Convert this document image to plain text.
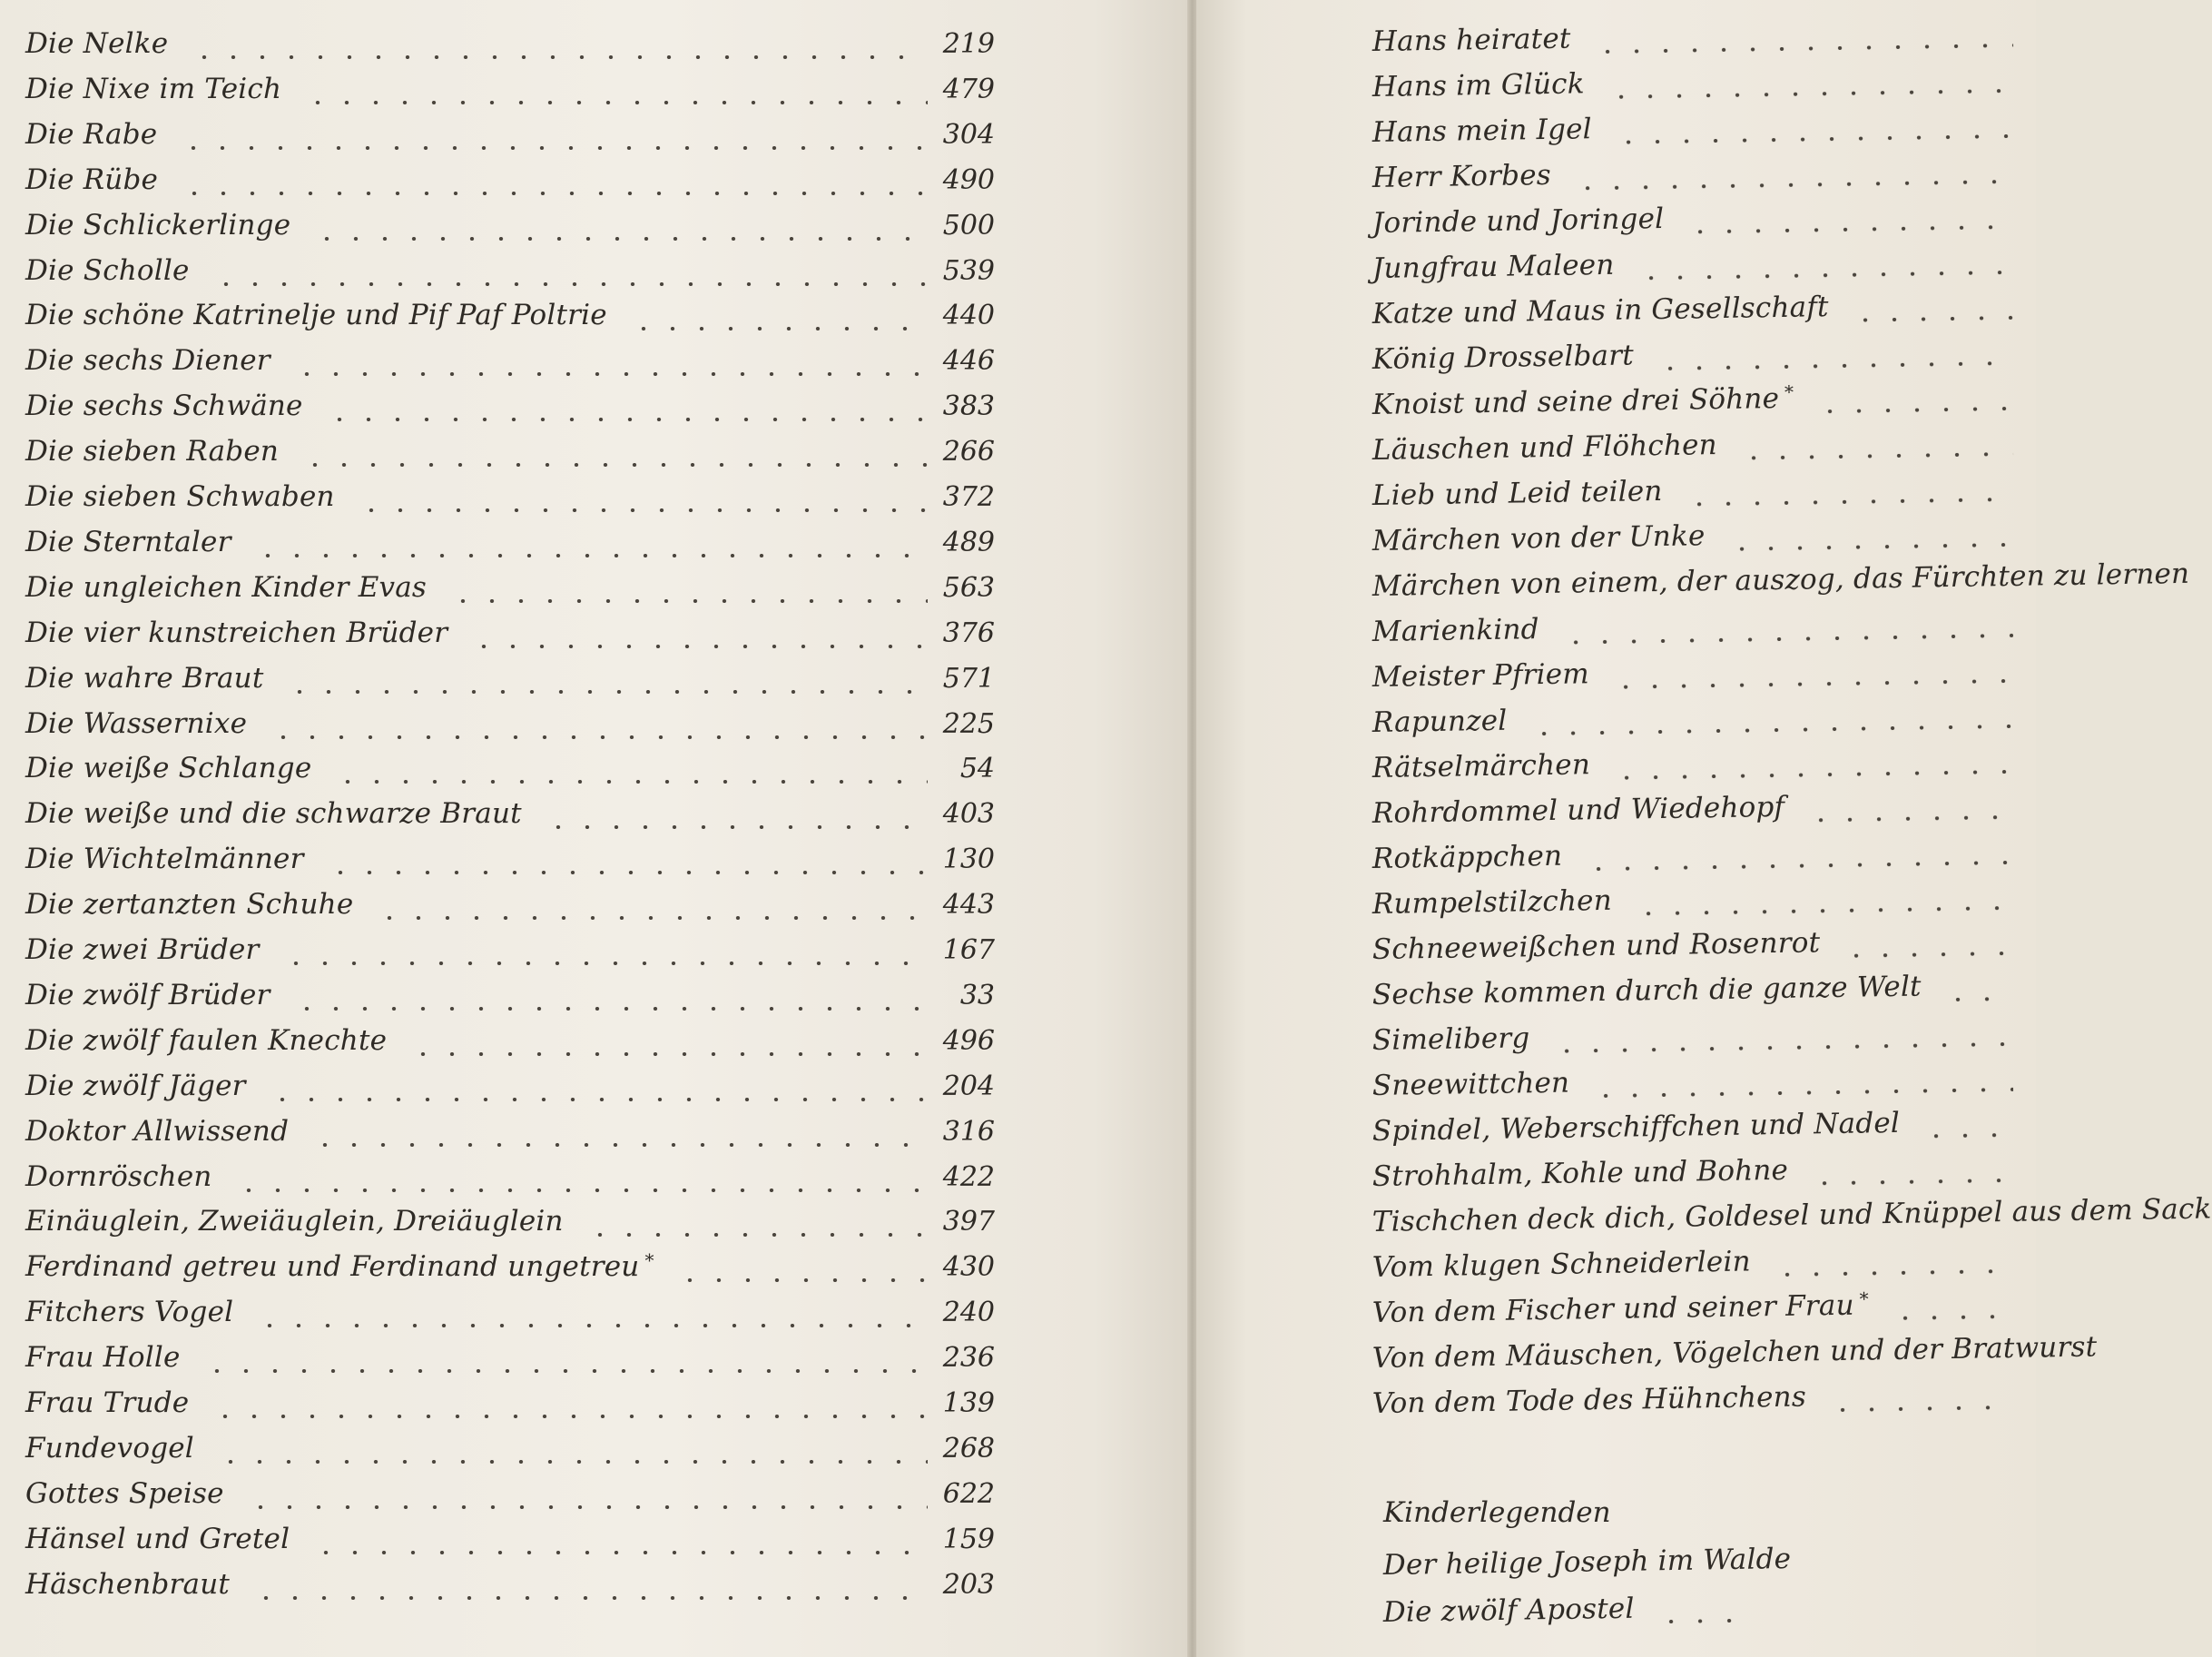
Die Nelke	219
Die Nixe im Teich	479
Die Rabe	304
Die Rübe	490
Die Schlickerlinge	500
Die Scholle	539
Die schöne Katrinelje und Pif Paf Poltrie	440
Die sechs Diener	446
Die sechs Schwäne	383
Die sieben Raben	266
Die sieben Schwaben	372
Die Sterntaler	489
Die ungleichen Kinder Evas	563
Die vier kunstreichen Brüder	376
Die wahre Braut	571
Die Wassernixe	225
Die weiße Schlange	54
Die weiße und die schwarze Braut	403
Die Wichtelmänner	130
Die zertanzten Schuhe	443
Die zwei Brüder	167
Die zwölf Brüder	33
Die zwölf faulen Knechte	496
Die zwölf Jäger	204
Doktor Allwissend	316
Dornröschen	422
Einäuglein, Zweiäuglein, Dreiäuglein	397
Ferdinand getreu und Ferdinand ungetreu *	430
Fitchers Vogel	240
Frau Holle	236
Frau Trude	139
Fundevogel	268
Gottes Speise	622
Hänsel und Gretel	159
Häschenbraut	203
Hans heiratet
Hans im Glück
Hans mein Igel
Herr Korbes
Jorinde und Joringel
Jungfrau Maleen
Katze und Maus in Gesellschaft
König Drosselbart
Knoist und seine drei Söhne *
Läuschen und Flöhchen
Lieb und Leid teilen
Märchen von der Unke
Märchen von einem, der auszog, das Fürchten zu lernen
Marienkind
Meister Pfriem
Rapunzel
Rätselmärchen
Rohrdommel und Wiedehopf
Rotkäppchen
Rumpelstilzchen
Schneeweißchen und Rosenrot
Sechse kommen durch die ganze Welt
Simeliberg
Sneewittchen
Spindel, Weberschiffchen und Nadel
Strohhalm, Kohle und Bohne
Tischchen deck dich, Goldesel und Knüppel aus dem Sack
Vom klugen Schneiderlein
Von dem Fischer und seiner Frau *
Von dem Mäuschen, Vögelchen und der Bratwurst
Von dem Tode des Hühnchens
Der heilige Joseph im Walde
Die zwölf Apostel
Kinderlegenden
